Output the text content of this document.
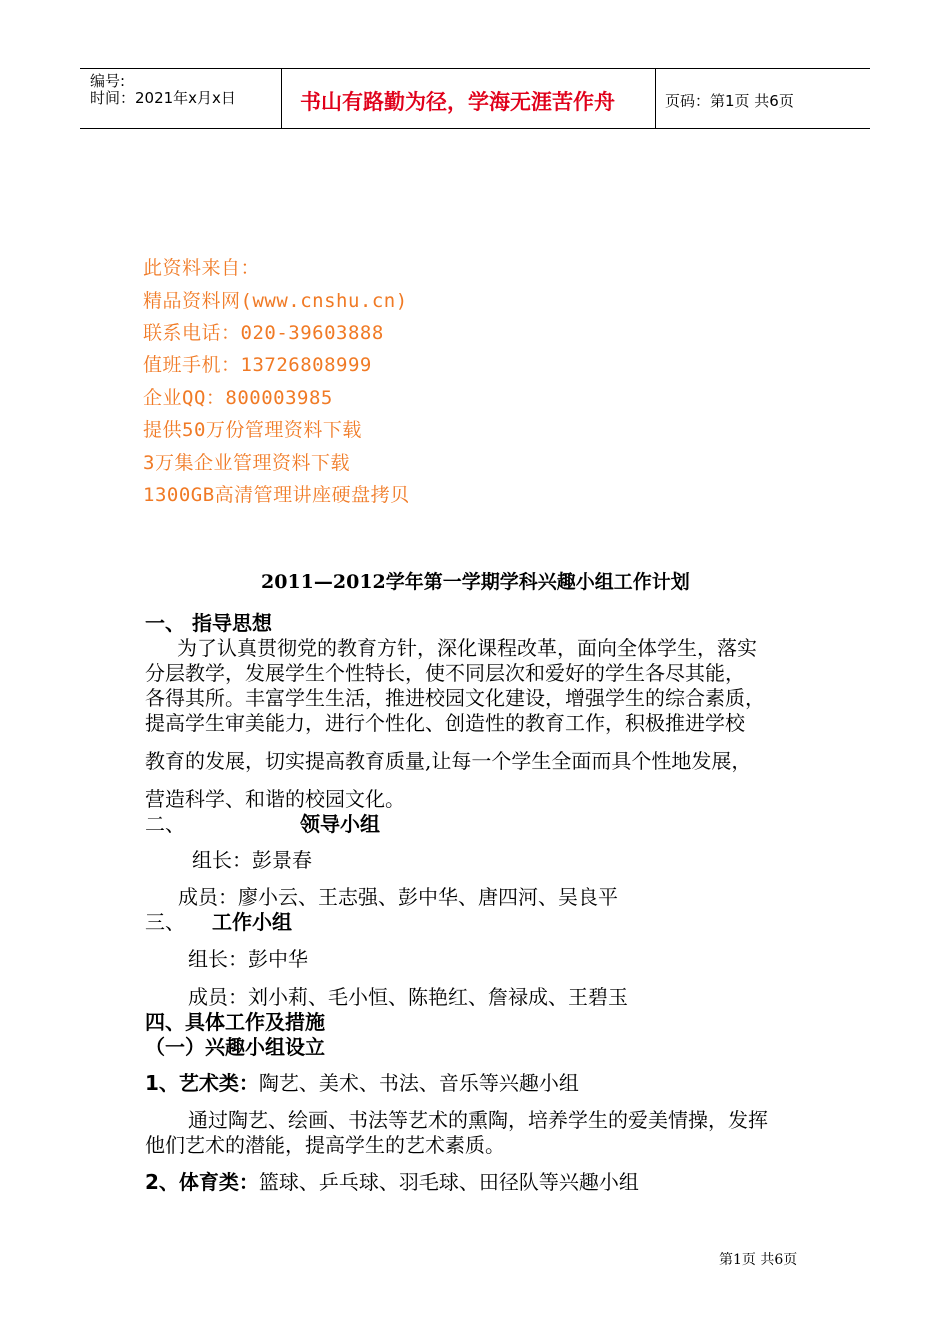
编号:
时间：2021年x月x日	书山有路勤为径，学海无涯苦作舟	页码：第1页 共6页
此资料来自：
精品资料网(www.cnshu.cn)
联系电话：020-39603888
值班手机：13726808999
企业QQ：800003985
提供50万份管理资料下载
3万集企业管理资料下载
1300GB高清管理讲座硬盘拷贝
2011—2012学年第一学期学科兴趣小组工作计划
一、 指导思想
为了认真贯彻党的教育方针，深化课程改革，面向全体学生，落实
分层教学，发展学生个性特长，使不同层次和爱好的学生各尽其能，
各得其所。丰富学生生活，推进校园文化建设，增强学生的综合素质，
提高学生审美能力，进行个性化、创造性的教育工作，积极推进学校
教育的发展，切实提高教育质量,让每一个学生全面而具个性地发展，
营造科学、和谐的校园文化。
二、	领导小组
组长：彭景春
成员：廖小云、王志强、彭中华、唐四河、吴良平
三、 工作小组
组长：彭中华
成员：刘小莉、毛小恒、陈艳红、詹禄成、王碧玉
四、具体工作及措施
（一）兴趣小组设立
1、艺术类：陶艺、美术、书法、音乐等兴趣小组
通过陶艺、绘画、书法等艺术的熏陶，培养学生的爱美情操，发挥
他们艺术的潜能，提高学生的艺术素质。
2、体育类：篮球、乒乓球、羽毛球、田径队等兴趣小组
第1页 共6页
